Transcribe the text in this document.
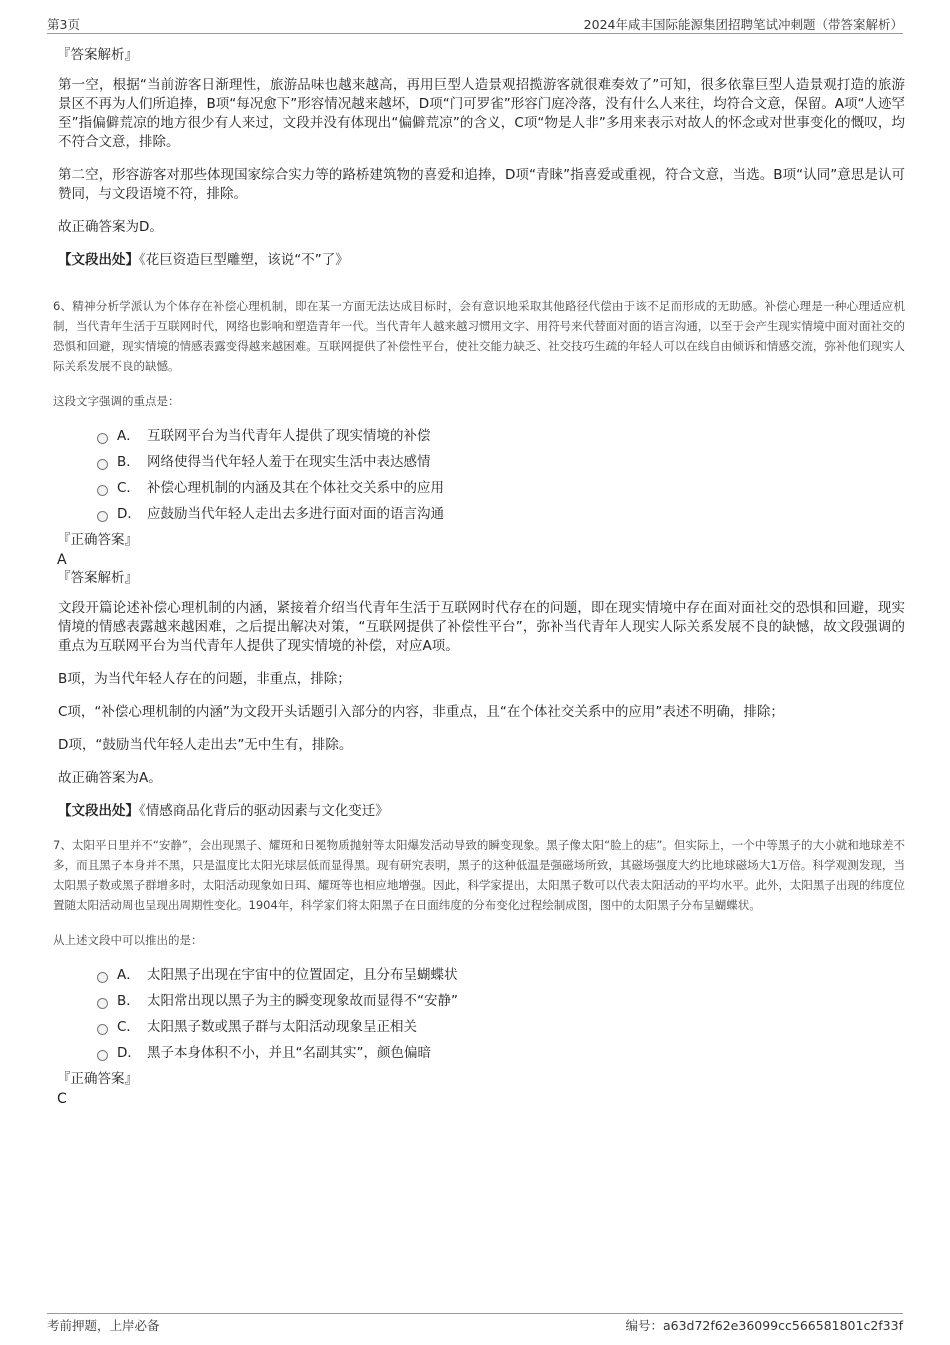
第3页	2024年咸丰国际能源集团招聘笔试冲刺题（带答案解析）
『答案解析』

第一空，根据“当前游客日渐理性，旅游品味也越来越高，再用巨型人造景观招揽游客就很难奏效了”可知，很多依靠巨型人造景观打造的旅游景区不再为人们所追捧，B项“每况愈下”形容情况越来越坏，D项“门可罗雀”形容门庭冷落，没有什么人来往，均符合文意，保留。A项“人迹罕至”指偏僻荒凉的地方很少有人来过，文段并没有体现出“偏僻荒凉”的含义，C项“物是人非”多用来表示对故人的怀念或对世事变化的慨叹，均不符合文意，排除。

第二空，形容游客对那些体现国家综合实力等的路桥建筑物的喜爱和追捧，D项“青睐”指喜爱或重视，符合文意，当选。B项“认同”意思是认可赞同，与文段语境不符，排除。

故正确答案为D。

【文段出处】《花巨资造巨型雕塑，该说“不”了》

6、精神分析学派认为个体存在补偿心理机制，即在某一方面无法达成目标时，会有意识地采取其他路径代偿由于该不足而形成的无助感。补偿心理是一种心理适应机制，当代青年生活于互联网时代，网络也影响和塑造青年一代。当代青年人越来越习惯用文字、用符号来代替面对面的语言沟通，以至于会产生现实情境中面对面社交的恐惧和回避，现实情境的情感表露变得越来越困难。互联网提供了补偿性平台，使社交能力缺乏、社交技巧生疏的年轻人可以在线自由倾诉和情感交流，弥补他们现实人际关系发展不良的缺憾。
这段文字强调的重点是：
A． 互联网平台为当代青年人提供了现实情境的补偿
B． 网络使得当代年轻人羞于在现实生活中表达感情
C． 补偿心理机制的内涵及其在个体社交关系中的应用
D． 应鼓励当代年轻人走出去多进行面对面的语言沟通
『正确答案』
A
『答案解析』

文段开篇论述补偿心理机制的内涵，紧接着介绍当代青年生活于互联网时代存在的问题，即在现实情境中存在面对面社交的恐惧和回避，现实情境的情感表露越来越困难，之后提出解决对策，“互联网提供了补偿性平台”，弥补当代青年人现实人际关系发展不良的缺憾，故文段强调的重点为互联网平台为当代青年人提供了现实情境的补偿，对应A项。

B项，为当代年轻人存在的问题，非重点，排除；

C项，“补偿心理机制的内涵”为文段开头话题引入部分的内容，非重点，且“在个体社交关系中的应用”表述不明确，排除；

D项，“鼓励当代年轻人走出去”无中生有，排除。

故正确答案为A。

【文段出处】《情感商品化背后的驱动因素与文化变迁》

7、太阳平日里并不“安静”，会出现黑子、耀斑和日冕物质抛射等太阳爆发活动导致的瞬变现象。黑子像太阳“脸上的痣”。但实际上，一个中等黑子的大小就和地球差不多，而且黑子本身并不黑，只是温度比太阳光球层低而显得黑。现有研究表明，黑子的这种低温是强磁场所致，其磁场强度大约比地球磁场大1万倍。科学观测发现，当太阳黑子数或黑子群增多时，太阳活动现象如日珥、耀斑等也相应地增强。因此，科学家提出，太阳黑子数可以代表太阳活动的平均水平。此外，太阳黑子出现的纬度位置随太阳活动周也呈现出周期性变化。1904年，科学家们将太阳黑子在日面纬度的分布变化过程绘制成图，图中的太阳黑子分布呈蝴蝶状。
从上述文段中可以推出的是：
A． 太阳黑子出现在宇宙中的位置固定，且分布呈蝴蝶状
B． 太阳常出现以黑子为主的瞬变现象故而显得不“安静”
C． 太阳黑子数或黑子群与太阳活动现象呈正相关
D． 黑子本身体积不小，并且“名副其实”，颜色偏暗
『正确答案』
C
考前押题，上岸必备	编号：a63d72f62e36099cc566581801c2f33f
